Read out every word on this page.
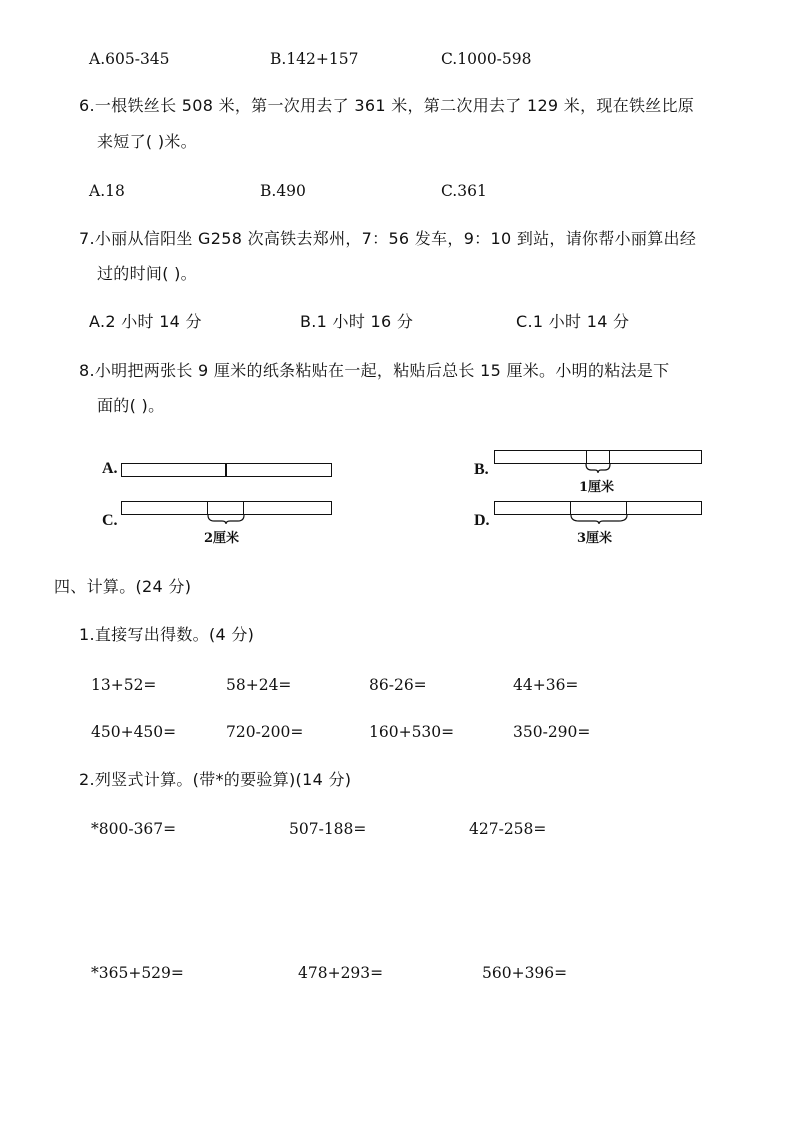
A.605-345	B.142+157	C.1000-598
6.一根铁丝长 508 米，第一次用去了 361 米，第二次用去了 129 米，现在铁丝比原
来短了( )米。
A.18	B.490	C.361
7.小丽从信阳坐 G258 次高铁去郑州，7：56 发车，9：10 到站，请你帮小丽算出经
过的时间( )。
A.2 小时 14 分	B.1 小时 16 分	C.1 小时 14 分
8.小明把两张长 9 厘米的纸条粘贴在一起，粘贴后总长 15 厘米。小明的粘法是下
面的( )。
A.	B.
1厘米
C.
2厘米
D.
3厘米
四、计算。(24 分)
1.直接写出得数。(4 分)
13+52=	58+24=	86-26=	44+36=
450+450=	720-200=	160+530=	350-290=
2.列竖式计算。(带*的要验算)(14 分)
*800-367=	507-188=	427-258=
*365+529=	478+293=	560+396=
